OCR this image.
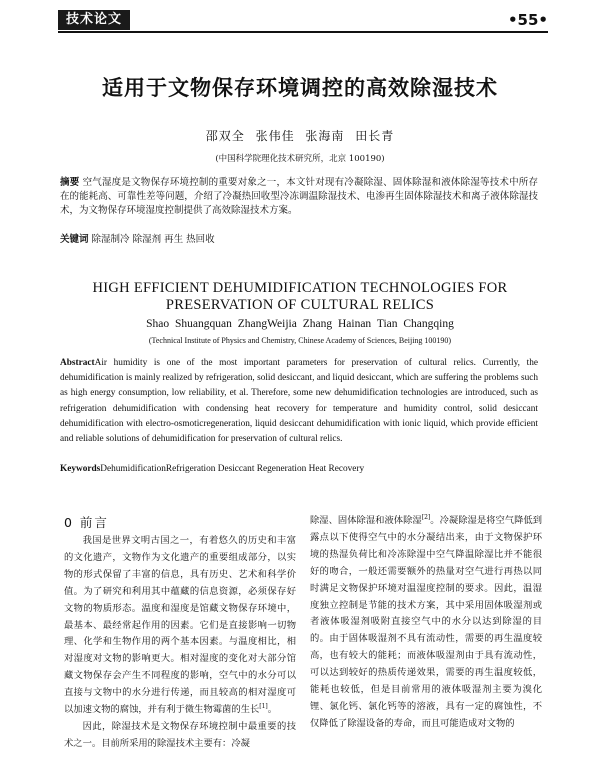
技术论文	•55•
适用于文物保存环境调控的高效除湿技术
邵双全 张伟佳 张海南 田长青
(中国科学院理化技术研究所，北京 100190)
摘要 空气湿度是文物保存环境控制的重要对象之一，本文针对现有冷凝除湿、固体除湿和液体除湿等技术中所存在的能耗高、可靠性差等问题，介绍了冷凝热回收型冷冻调温除湿技术、电渗再生固体除湿技术和离子液体除湿技术，为文物保存环境湿度控制提供了高效除湿技术方案。
关键词 除湿制冷 除湿剂 再生 热回收
HIGH EFFICIENT DEHUMIDIFICATION TECHNOLOGIES FOR
PRESERVATION OF CULTURAL RELICS
Shao Shuangquan ZhangWeijia Zhang Hainan Tian Changqing
(Technical Institute of Physics and Chemistry, Chinese Academy of Sciences, Beijing 100190)
AbstractAir humidity is one of the most important parameters for preservation of cultural relics. Currently, the dehumidification is mainly realized by refrigeration, solid desiccant, and liquid desiccant, which are suffering the problems such as high energy consumption, low reliability, et al. Therefore, some new dehumidification technologies are introduced, such as refrigeration dehumidification with condensing heat recovery for temperature and humidity control, solid desiccant dehumidification with electro-osmoticregeneration, liquid desiccant dehumidification with ionic liquid, which provide efficient and reliable solutions of dehumidification for preservation of cultural relics.
KeywordsDehumidificationRefrigeration Desiccant Regeneration Heat Recovery
0 前言

我国是世界文明古国之一，有着悠久的历史和丰富的文化遗产，文物作为文化遗产的重要组成部分，以实物的形式保留了丰富的信息，具有历史、艺术和科学价值。为了研究和利用其中蕴藏的信息资源，必须保存好文物的物质形态。温度和湿度是馆藏文物保存环境中，最基本、最经常起作用的因素。它们是直接影响一切物理、化学和生物作用的两个基本因素。与温度相比，相对湿度对文物的影响更大。相对湿度的变化对大部分馆藏文物保存会产生不同程度的影响，空气中的水分可以直接与文物中的水分进行传递，而且较高的相对湿度可以加速文物的腐蚀，并有利于微生物霉菌的生长[1]。

因此，除湿技术是文物保存环境控制中最重要的技术之一。目前所采用的除湿技术主要有：冷凝

除湿、固体除湿和液体除湿[2]。冷凝除湿是将空气降低到露点以下使得空气中的水分凝结出来，由于文物保护环境的热湿负荷比和冷冻除湿中空气降温除湿比并不能很好的吻合，一般还需要额外的热量对空气进行再热以同时满足文物保护环境对温湿度控制的要求。因此，温湿度独立控制是节能的技术方案，其中采用固体吸湿剂或者液体吸湿剂吸附直接空气中的水分以达到除湿的目的。由于固体吸湿剂不具有流动性，需要的再生温度较高，也有较大的能耗；而液体吸湿剂由于具有流动性，可以达到较好的热质传递效果，需要的再生温度较低，能耗也较低，但是目前常用的液体吸湿剂主要为溴化锂、氯化钙、氯化钙等的溶液，具有一定的腐蚀性，不仅降低了除湿设备的寿命，而且可能造成对文物的
